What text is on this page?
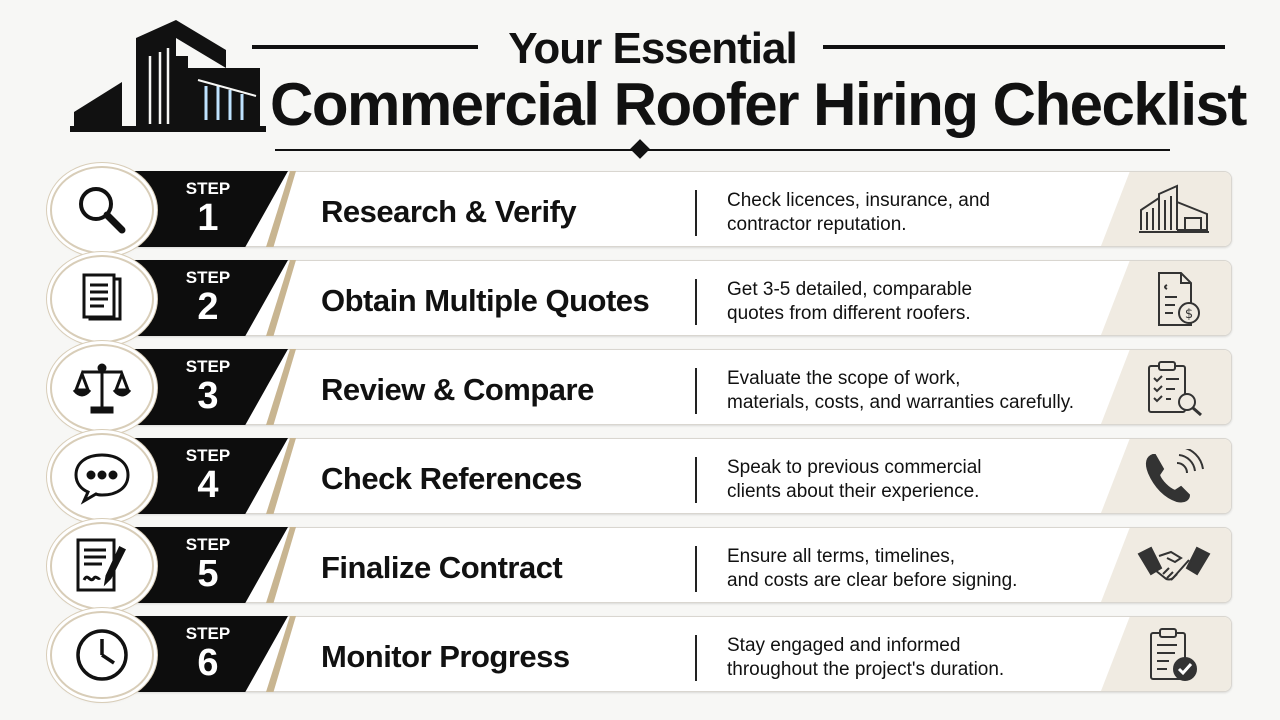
Your Essential
Commercial Roofer Hiring Checklist
Research & Verify	Check licences, insurance, and
contractor reputation.
STEP
1
$
Obtain Multiple Quotes	Get 3-5 detailed, comparable
quotes from different roofers.
STEP
2
Review & Compare	Evaluate the scope of work,
materials, costs, and warranties carefully.
STEP
3
Check References	Speak to previous commercial
clients about their experience.
STEP
4
Finalize Contract	Ensure all terms, timelines,
and costs are clear before signing.
STEP
5
Monitor Progress	Stay engaged and informed
throughout the project's duration.
STEP
6
